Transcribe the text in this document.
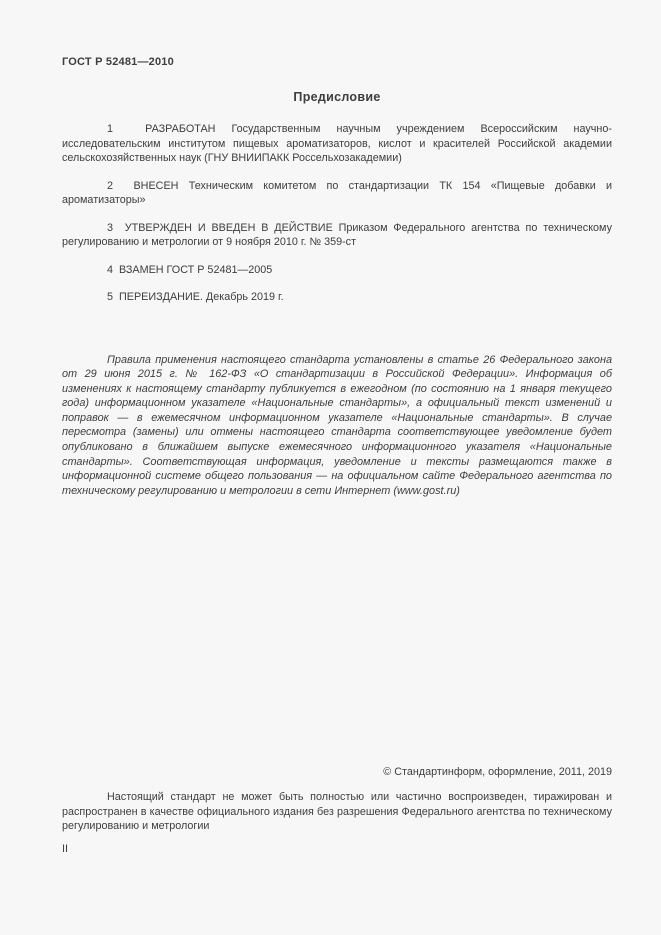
ГОСТ Р 52481—2010
Предисловие

1  РАЗРАБОТАН Государственным научным учреждением Всероссийским научно-исследовательским институтом пищевых ароматизаторов, кислот и красителей Российской академии сельскохозяйственных наук (ГНУ ВНИИПАКК Россельхозакадемии)

2  ВНЕСЕН Техническим комитетом по стандартизации ТК 154 «Пищевые добавки и ароматизаторы»

3  УТВЕРЖДЕН И ВВЕДЕН В ДЕЙСТВИЕ Приказом Федерального агентства по техническому регулированию и метрологии от 9 ноября 2010 г. № 359-ст

4  ВЗАМЕН ГОСТ Р 52481—2005

5  ПЕРЕИЗДАНИЕ. Декабрь 2019 г.

Правила применения настоящего стандарта установлены в статье 26 Федерального закона от 29 июня 2015 г. № 162-ФЗ «О стандартизации в Российской Федерации». Информация об изменениях к настоящему стандарту публикуется в ежегодном (по состоянию на 1 января текущего года) информационном указателе «Национальные стандарты», а официальный текст изменений и поправок — в ежемесячном информационном указателе «Национальные стандарты». В случае пересмотра (замены) или отмены настоящего стандарта соответствующее уведомление будет опубликовано в ближайшем выпуске ежемесячного информационного указателя «Национальные стандарты». Соответствующая информация, уведомление и тексты размещаются также в информационной системе общего пользования — на официальном сайте Федерального агентства по техническому регулированию и метрологии в сети Интернет (www.gost.ru)

© Стандартинформ, оформление, 2011, 2019

Настоящий стандарт не может быть полностью или частично воспроизведен, тиражирован и распространен в качестве официального издания без разрешения Федерального агентства по техническому регулированию и метрологии

II
